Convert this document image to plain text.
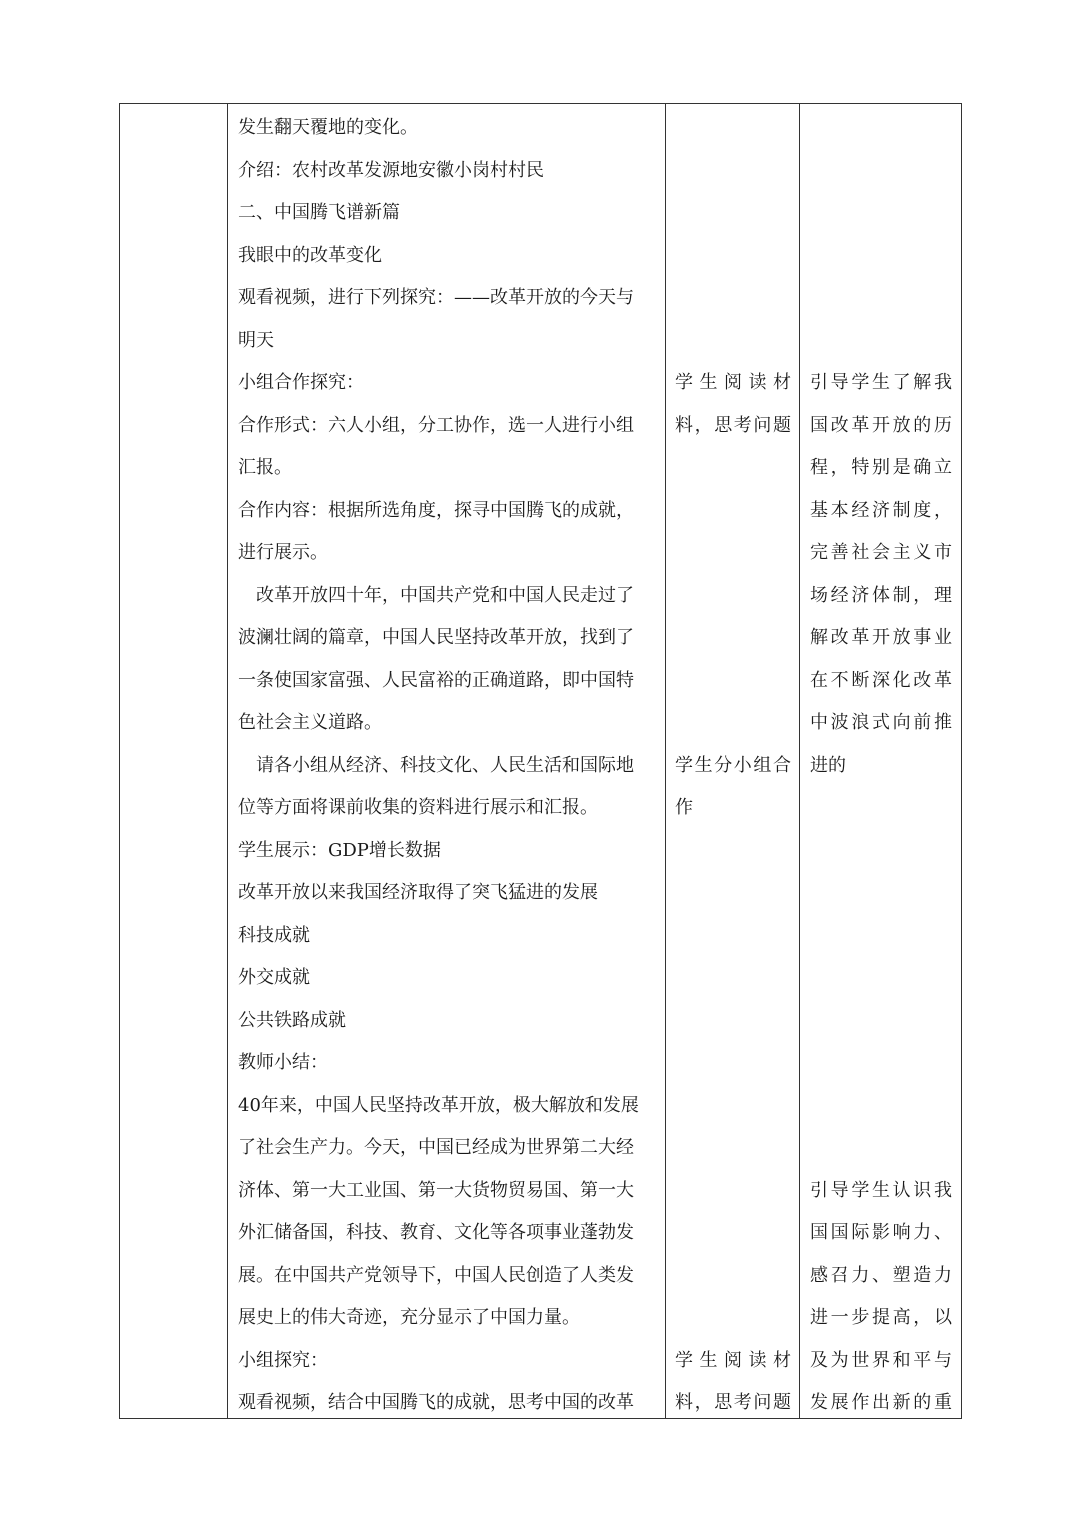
发生翻天覆地的变化。
介绍：农村改革发源地安徽小岗村村民
二、中国腾飞谱新篇
我眼中的改革变化
观看视频，进行下列探究：——改革开放的今天与
明天
小组合作探究：
合作形式：六人小组，分工协作，选一人进行小组
汇报。
合作内容：根据所选角度，探寻中国腾飞的成就，
进行展示。
　改革开放四十年，中国共产党和中国人民走过了
波澜壮阔的篇章，中国人民坚持改革开放，找到了
一条使国家富强、人民富裕的正确道路，即中国特
色社会主义道路。
　请各小组从经济、科技文化、人民生活和国际地
位等方面将课前收集的资料进行展示和汇报。
学生展示：GDP增长数据
改革开放以来我国经济取得了突飞猛进的发展
科技成就
外交成就
公共铁路成就
教师小结：
40年来，中国人民坚持改革开放，极大解放和发展
了社会生产力。今天，中国已经成为世界第二大经
济体、第一大工业国、第一大货物贸易国、第一大
外汇储备国，科技、教育、文化等各项事业蓬勃发
展。在中国共产党领导下，中国人民创造了人类发
展史上的伟大奇迹，充分显示了中国力量。
小组探究：
观看视频，结合中国腾飞的成就，思考中国的改革
学 生 阅 读 材
料 ， 思 考 问 题
学 生 分 小 组 合
作
学 生 阅 读 材
料 ， 思 考 问 题
引 导 学 生 了 解 我
国 改 革 开 放 的 历
程 ， 特 别 是 确 立
基 本 经 济 制 度 ，
完 善 社 会 主 义 市
场 经 济 体 制 ， 理
解 改 革 开 放 事 业
在 不 断 深 化 改 革
中 波 浪 式 向 前 推
进的
引 导 学 生 认 识 我
国 国 际 影 响 力 、
感 召 力 、 塑 造 力
进 一 步 提 高 ， 以
及 为 世 界 和 平 与
发 展 作 出 新 的 重
